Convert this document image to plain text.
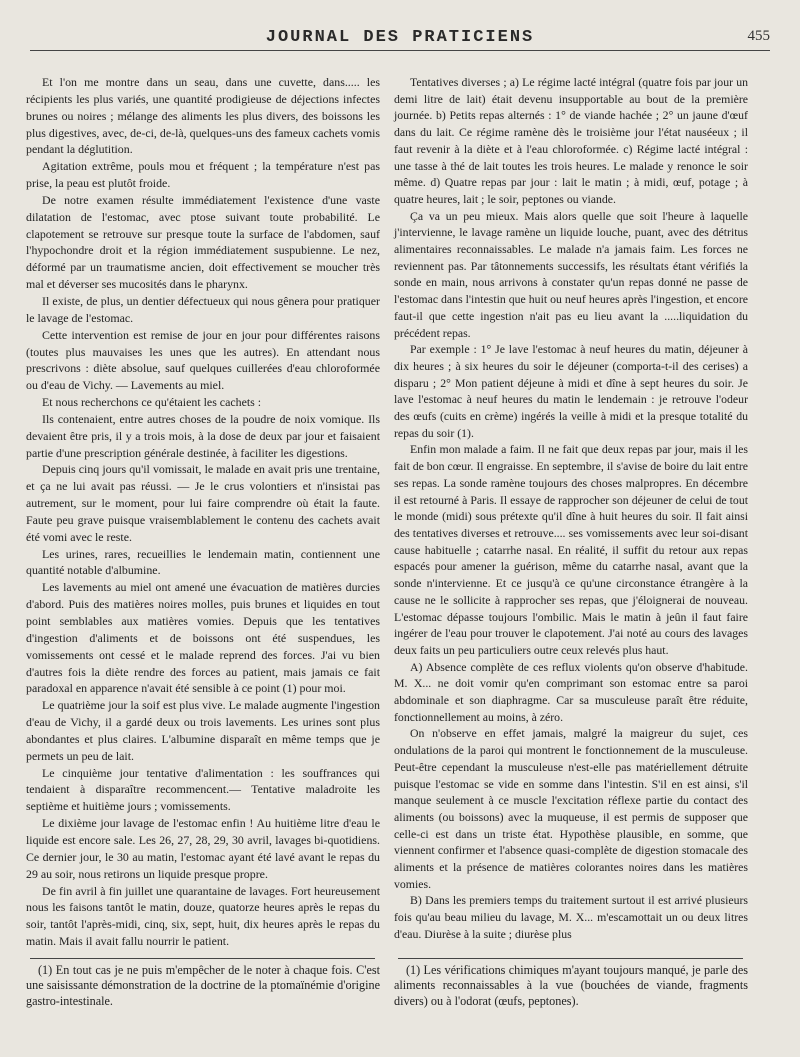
JOURNAL DES PRATICIENS	455

Et l'on me montre dans un seau, dans une cuvette, dans..... les récipients les plus variés, une quantité prodigieuse de déjections infectes brunes ou noires ; mélange des aliments les plus divers, des boissons les plus digestives, avec, de-ci, de-là, quelques-uns des fameux cachets vomis pendant la déglutition.

Agitation extrême, pouls mou et fréquent ; la température n'est pas prise, la peau est plutôt froide.

De notre examen résulte immédiatement l'existence d'une vaste dilatation de l'estomac, avec ptose suivant toute probabilité. Le clapotement se retrouve sur presque toute la surface de l'abdomen, sauf l'hypochondre droit et la région immédiatement suspubienne. Le nez, déformé par un traumatisme ancien, doit effectivement se moucher très mal et déverser ses mucosités dans le pharynx.

Il existe, de plus, un dentier défectueux qui nous gênera pour pratiquer le lavage de l'estomac.

Cette intervention est remise de jour en jour pour différentes raisons (toutes plus mauvaises les unes que les autres). En attendant nous prescrivons : diète absolue, sauf quelques cuillerées d'eau chloroformée ou d'eau de Vichy. — Lavements au miel.

Et nous recherchons ce qu'étaient les cachets :

Ils contenaient, entre autres choses de la poudre de noix vomique. Ils devaient être pris, il y a trois mois, à la dose de deux par jour et faisaient partie d'une prescription générale destinée, à faciliter les digestions.

Depuis cinq jours qu'il vomissait, le malade en avait pris une trentaine, et ça ne lui avait pas réussi. — Je le crus volontiers et n'insistai pas autrement, sur le moment, pour lui faire comprendre où était la faute. Faute peu grave puisque vraisemblablement le contenu des cachets avait été vomi avec le reste.

Les urines, rares, recueillies le lendemain matin, contiennent une quantité notable d'albumine.

Les lavements au miel ont amené une évacuation de matières durcies d'abord. Puis des matières noires molles, puis brunes et liquides en tout point semblables aux matières vomies. Depuis que les tentatives d'ingestion d'aliments et de boissons ont été suspendues, les vomissements ont cessé et le malade reprend des forces. J'ai vu bien d'autres fois la diète rendre des forces au patient, mais jamais ce fait paradoxal en apparence n'avait été sensible à ce point (1) pour moi.

Le quatrième jour la soif est plus vive. Le malade augmente l'ingestion d'eau de Vichy, il a gardé deux ou trois lavements. Les urines sont plus abondantes et plus claires. L'albumine disparaît en même temps que je permets un peu de lait.

Le cinquième jour tentative d'alimentation : les souffrances qui tendaient à disparaître recommencent.— Tentative maladroite les septième et huitième jours ; vomissements.

Le dixième jour lavage de l'estomac enfin ! Au huitième litre d'eau le liquide est encore sale. Les 26, 27, 28, 29, 30 avril, lavages bi-quotidiens. Ce dernier jour, le 30 au matin, l'estomac ayant été lavé avant le repas du 29 au soir, nous retirons un liquide presque propre.

De fin avril à fin juillet une quarantaine de lavages. Fort heureusement nous les faisons tantôt le matin, douze, quatorze heures après le repas du soir, tantôt l'après-midi, cinq, six, sept, huit, dix heures après le repas du matin. Mais il avait fallu nourrir le patient.

Tentatives diverses ; a) Le régime lacté intégral (quatre fois par jour un demi litre de lait) était devenu insupportable au bout de la première journée. b) Petits repas alternés : 1° de viande hachée ; 2° un jaune d'œuf dans du lait. Ce régime ramène dès le troisième jour l'état nauséeux ; il faut revenir à la diète et à l'eau chloroformée. c) Régime lacté intégral : une tasse à thé de lait toutes les trois heures. Le malade y renonce le soir même. d) Quatre repas par jour : lait le matin ; à midi, œuf, potage ; à quatre heures, lait ; le soir, peptones ou viande.

Ça va un peu mieux. Mais alors quelle que soit l'heure à laquelle j'intervienne, le lavage ramène un liquide louche, puant, avec des détritus alimentaires reconnaissables. Le malade n'a jamais faim. Les forces ne reviennent pas. Par tâtonnements successifs, les résultats étant vérifiés la sonde en main, nous arrivons à constater qu'un repas donné ne passe de l'estomac dans l'intestin que huit ou neuf heures après l'ingestion, et encore faut-il que cette ingestion n'ait pas eu lieu avant la .....liquidation du précédent repas.

Par exemple : 1° Je lave l'estomac à neuf heures du matin, déjeuner à dix heures ; à six heures du soir le déjeuner (comporta-t-il des cerises) a disparu ; 2° Mon patient déjeune à midi et dîne à sept heures du soir. Je lave l'estomac à neuf heures du matin le lendemain : je retrouve l'odeur des œufs (cuits en crème) ingérés la veille à midi et la presque totalité du repas du soir (1).

Enfin mon malade a faim. Il ne fait que deux repas par jour, mais il les fait de bon cœur. Il engraisse. En septembre, il s'avise de boire du lait entre ses repas. La sonde ramène toujours des choses malpropres. En décembre il est retourné à Paris. Il essaye de rapprocher son déjeuner de celui de tout le monde (midi) sous prétexte qu'il dîne à huit heures du soir. Il fait ainsi des tentatives diverses et retrouve.... ses vomissements avec leur soi-disant cause habituelle ; catarrhe nasal. En réalité, il suffit du retour aux repas espacés pour amener la guérison, même du catarrhe nasal, avant que la sonde n'intervienne. Et ce jusqu'à ce qu'une circonstance étrangère à la cause ne le sollicite à rapprocher ses repas, que j'éloignerai de nouveau. L'estomac dépasse toujours l'ombilic. Mais le matin à jeûn il faut faire ingérer de l'eau pour trouver le clapotement. J'ai noté au cours des lavages deux faits un peu particuliers outre ceux relevés plus haut.

A) Absence complète de ces reflux violents qu'on observe d'habitude. M. X... ne doit vomir qu'en comprimant son estomac entre sa paroi abdominale et son diaphragme. Car sa musculeuse paraît être réduite, fonctionnellement au moins, à zéro.

On n'observe en effet jamais, malgré la maigreur du sujet, ces ondulations de la paroi qui montrent le fonctionnement de la musculeuse. Peut-être cependant la musculeuse n'est-elle pas matériellement détruite puisque l'estomac se vide en somme dans l'intestin. S'il en est ainsi, s'il manque seulement à ce muscle l'excitation réflexe partie du contact des aliments (ou boissons) avec la muqueuse, il est permis de supposer que celle-ci est dans un triste état. Hypothèse plausible, en somme, que viennent confirmer et l'absence quasi-complète de digestion stomacale des aliments et la présence de matières colorantes noires dans les matières vomies.

B) Dans les premiers temps du traitement surtout il est arrivé plusieurs fois qu'au beau milieu du lavage, M. X... m'escamottait un ou deux litres d'eau. Diurèse à la suite ; diurèse plus

(1) En tout cas je ne puis m'empêcher de le noter à chaque fois. C'est une saisissante démonstration de la doctrine de la ptomaïnémie d'origine gastro-intestinale.

(1) Les vérifications chimiques m'ayant toujours manqué, je parle des aliments reconnaissables à la vue (bouchées de viande, fragments divers) ou à l'odorat (œufs, peptones).
